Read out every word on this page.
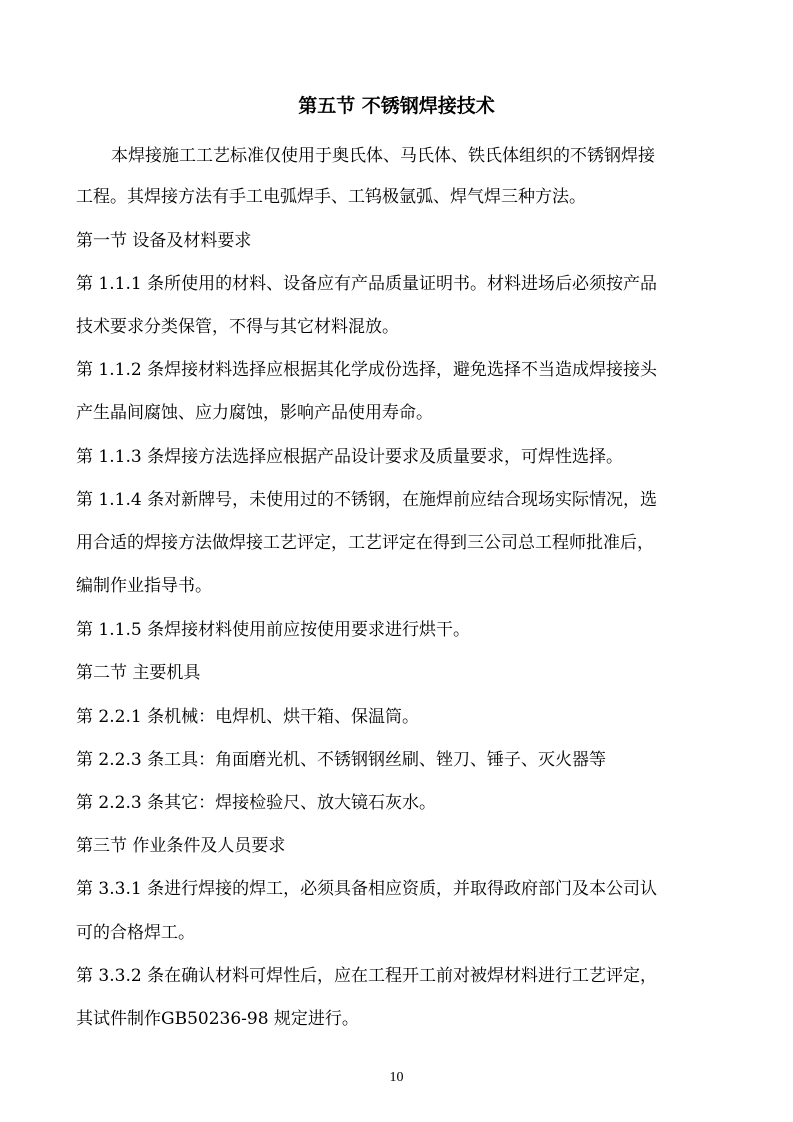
第五节 不锈钢焊接技术
本焊接施工工艺标准仅使用于奥氏体、马氏体、铁氏体组织的不锈钢焊接
工程。其焊接方法有手工电弧焊手、工钨极氩弧、焊气焊三种方法。
第一节 设备及材料要求
第 1.1.1 条所使用的材料、设备应有产品质量证明书。材料进场后必须按产品
技术要求分类保管，不得与其它材料混放。
第 1.1.2 条焊接材料选择应根据其化学成份选择，避免选择不当造成焊接接头
产生晶间腐蚀、应力腐蚀，影响产品使用寿命。
第 1.1.3 条焊接方法选择应根据产品设计要求及质量要求，可焊性选择。
第 1.1.4 条对新牌号，未使用过的不锈钢，在施焊前应结合现场实际情况，选
用合适的焊接方法做焊接工艺评定，工艺评定在得到三公司总工程师批准后，
编制作业指导书。
第 1.1.5 条焊接材料使用前应按使用要求进行烘干。
第二节 主要机具
第 2.2.1 条机械：电焊机、烘干箱、保温筒。
第 2.2.3 条工具：角面磨光机、不锈钢钢丝刷、锉刀、锤子、灭火器等
第 2.2.3 条其它：焊接检验尺、放大镜石灰水。
第三节 作业条件及人员要求
第 3.3.1 条进行焊接的焊工，必须具备相应资质，并取得政府部门及本公司认
可的合格焊工。
第 3.3.2 条在确认材料可焊性后，应在工程开工前对被焊材料进行工艺评定，
其试件制作GB50236-98 规定进行。
10
